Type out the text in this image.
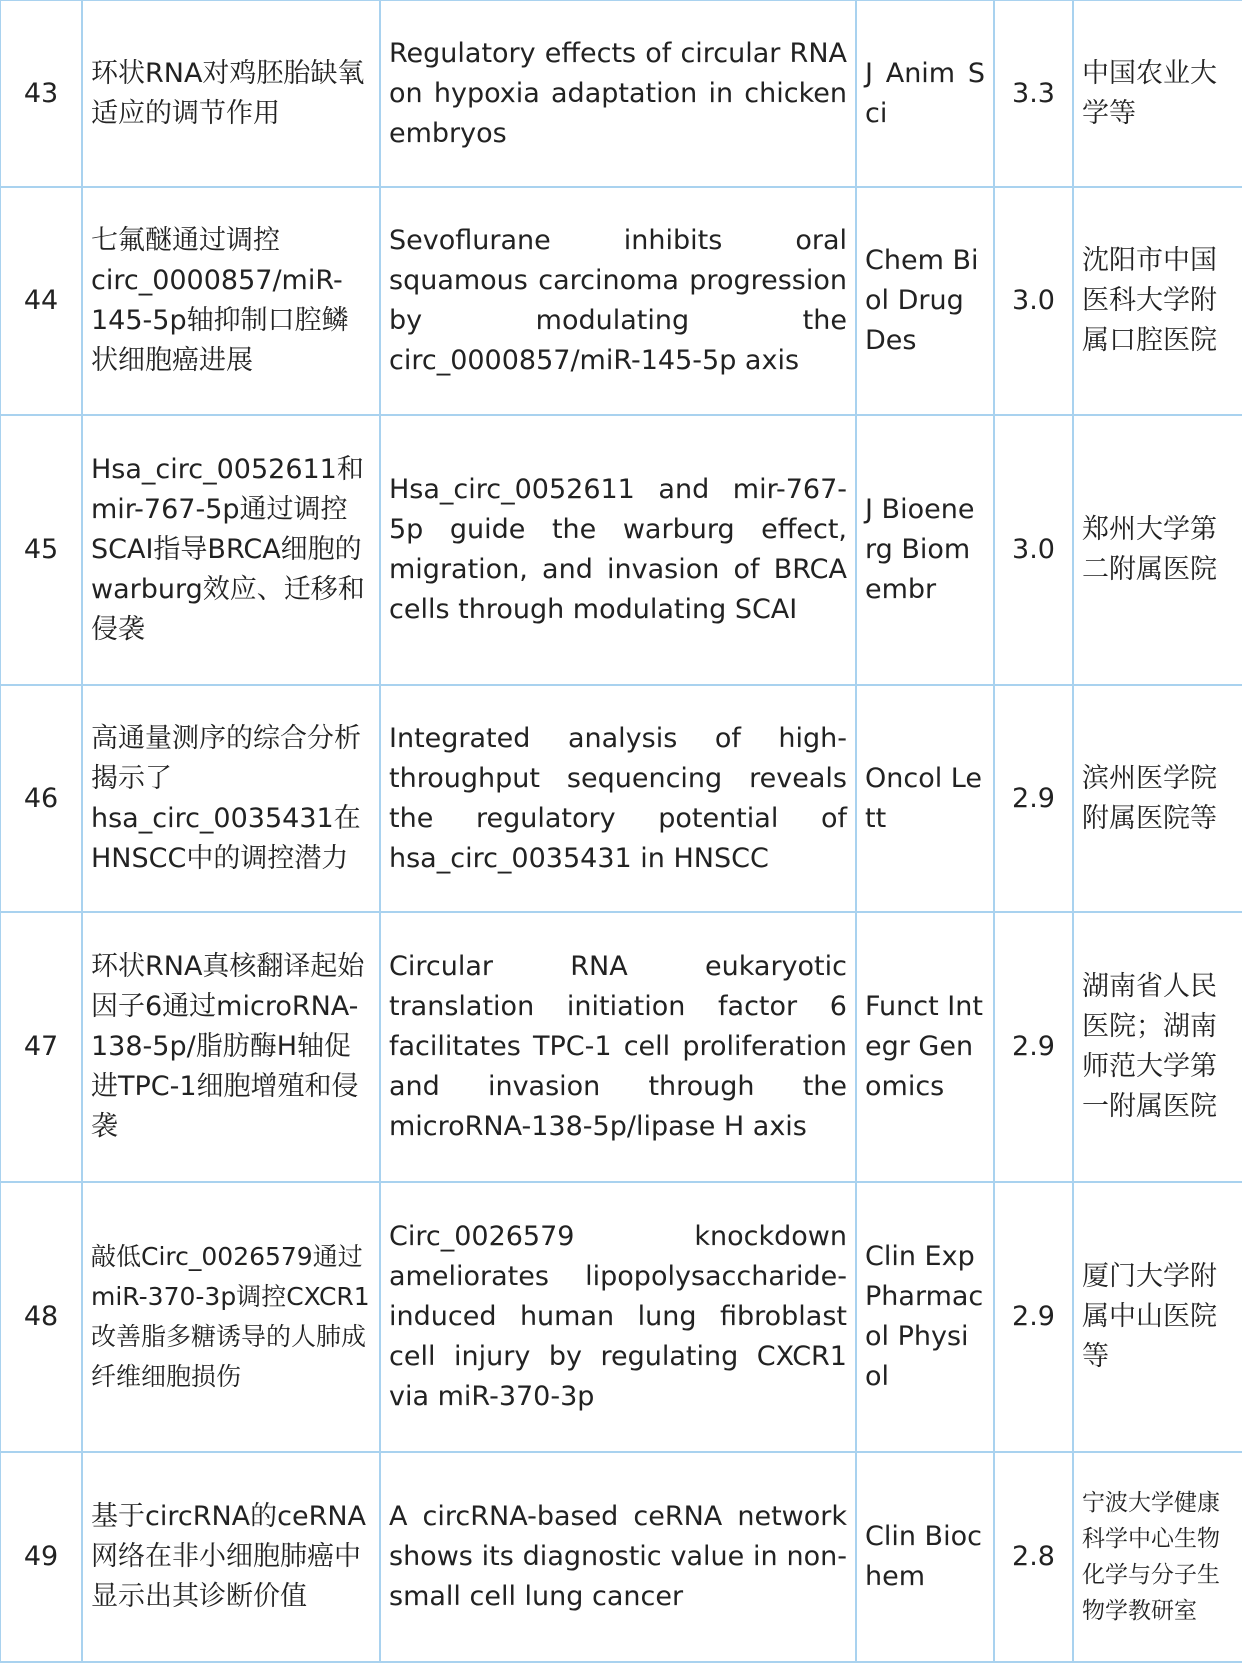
43	环状RNA对鸡胚胎缺氧适应的调节作用	Regulatory effects of circular RNA on hypoxia adaptation in chicken embryos	J Anim Sci	3.3	中国农业大学等
44	七氟醚通过调控circ_0000857/miR-145-5p轴抑制口腔鳞状细胞癌进展	Sevoflurane inhibits oral squamous carcinoma progression by modulating the circ_0000857/miR-145-5p axis	Chem Biol Drug Des	3.0	沈阳市中国医科大学附属口腔医院
45	Hsa_circ_0052611和mir-767-5p通过调控SCAI指导BRCA细胞的warburg效应、迁移和侵袭	Hsa_circ_0052611 and mir-767-5p guide the warburg effect, migration, and invasion of BRCA cells through modulating SCAI	J Bioenerg Biomembr	3.0	郑州大学第二附属医院
46	高通量测序的综合分析揭示了hsa_circ_0035431在HNSCC中的调控潜力	Integrated analysis of high-throughput sequencing reveals the regulatory potential of hsa_circ_0035431 in HNSCC	Oncol Lett	2.9	滨州医学院附属医院等
47	环状RNA真核翻译起始因子6通过microRNA-138-5p/脂肪酶H轴促进TPC-1细胞增殖和侵袭	Circular RNA eukaryotic translation initiation factor 6 facilitates TPC-1 cell proliferation and invasion through the microRNA-138-5p/lipase H axis	Funct Integr Genomics	2.9	湖南省人民医院；湖南师范大学第一附属医院
48	敲低Circ_0026579通过miR-370-3p调控CXCR1改善脂多糖诱导的人肺成纤维细胞损伤	Circ_0026579 knockdown ameliorates lipopolysaccharide-induced human lung fibroblast cell injury by regulating CXCR1 via miR-370-3p	Clin Exp Pharmacol Physiol	2.9	厦门大学附属中山医院等
49	基于circRNA的ceRNA网络在非小细胞肺癌中显示出其诊断价值	A circRNA-based ceRNA network shows its diagnostic value in non-small cell lung cancer	Clin Biochem	2.8	宁波大学健康科学中心生物化学与分子生物学教研室
